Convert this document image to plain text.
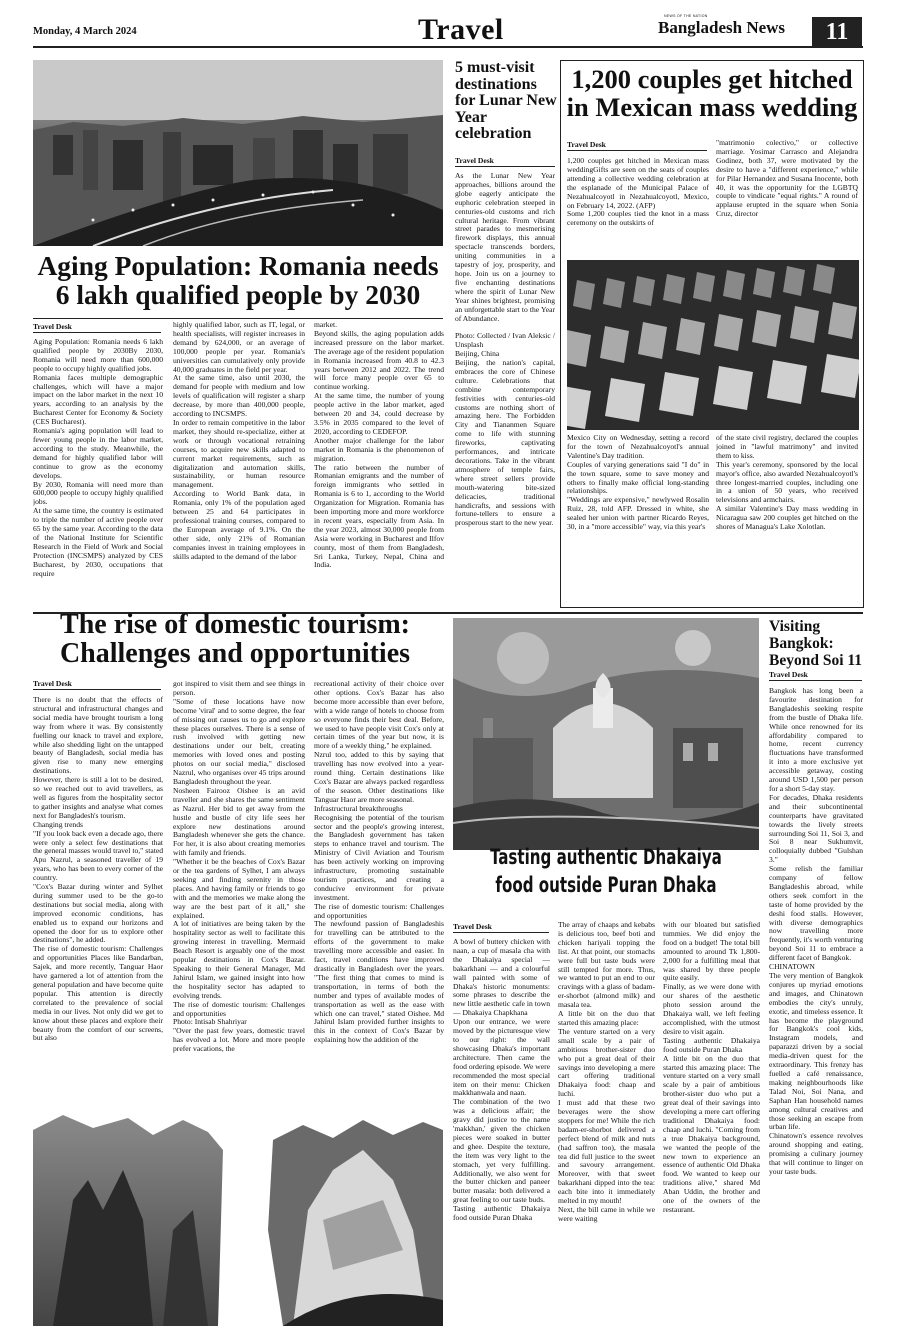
Monday, 4 March 2024	Travel	NEWS OF THE NATION
Bangladesh News	11
Aging Population: Romania needs 6 lakh qualified people by 2030
Travel Desk
Aging Population: Romania needs 6 lakh qualified people by 2030By 2030, Romania will need more than 600,000 people to occupy highly qualified jobs.
Romania faces multiple demographic challenges, which will have a major impact on the labor market in the next 10 years, according to an analysis by the Bucharest Center for Economy & Society (CES Bucharest).
Romania's aging population will lead to fewer young people in the labor market, according to the study. Meanwhile, the demand for highly qualified labor will continue to grow as the economy develops.
By 2030, Romania will need more than 600,000 people to occupy highly qualified jobs.
At the same time, the country is estimated to triple the number of active people over 65 by the same year. According to the data of the National Institute for Scientific Research in the Field of Work and Social Protection (INCSMPS) analyzed by CES Bucharest, by 2030, occupations that require
highly qualified labor, such as IT, legal, or health specialists, will register increases in demand by 624,000, or an average of 100,000 people per year. Romania's universities can cumulatively only provide 40,000 graduates in the field per year.
At the same time, also until 2030, the demand for people with medium and low levels of qualification will register a sharp decrease, by more than 400,000 people, according to INCSMPS.
In order to remain competitive in the labor market, they should re-specialize, either at work or through vocational retraining courses, to acquire new skills adapted to current market requirements, such as digitalization and automation skills, sustainability, or human resource management.
According to World Bank data, in Romania, only 1% of the population aged between 25 and 64 participates in professional training courses, compared to the European average of 9.1%. On the other side, only 21% of Romanian companies invest in training employees in skills adapted to the demand of the labor
market.
Beyond skills, the aging population adds increased pressure on the labor market. The average age of the resident population in Romania increased from 40.8 to 42.3 years between 2012 and 2022. The trend will force many people over 65 to continue working.
At the same time, the number of young people active in the labor market, aged between 20 and 34, could decrease by 3.5% in 2035 compared to the level of 2020, according to CEDEFOP.
Another major challenge for the labor market in Romania is the phenomenon of migration.
The ratio between the number of Romanian emigrants and the number of foreign immigrants who settled in Romania is 6 to 1, according to the World Organization for Migration. Romania has been importing more and more workforce in recent years, especially from Asia. In the year 2023, almost 30,000 people from Asia were working in Bucharest and Ilfov county, most of them from Bangladesh, Sri Lanka, Turkey, Nepal, China and India.
5 must-visit destinations for Lunar New Year celebration
Travel Desk
As the Lunar New Year approaches, billions around the globe eagerly anticipate the euphoric celebration steeped in centuries-old customs and rich cultural heritage. From vibrant street parades to mesmerising firework displays, this annual spectacle transcends borders, uniting communities in a tapestry of joy, prosperity, and hope. Join us on a journey to five enchanting destinations where the spirit of Lunar New Year shines brightest, promising an unforgettable start to the Year of Abundance.

Photo: Collected / Ivan Aleksic / Unsplash
Beijing, China
Beijing, the nation's capital, embraces the core of Chinese culture. Celebrations that combine contemporary festivities with centuries-old customs are nothing short of amazing here. The Forbidden City and Tiananmen Square come to life with stunning fireworks, captivating performances, and intricate decorations. Take in the vibrant atmosphere of temple fairs, where street sellers provide mouth-watering bite-sized delicacies, traditional handicrafts, and sessions with fortune-tellers to ensure a prosperous start to the new year.
1,200 couples get hitched in Mexican mass wedding
Travel Desk
1,200 couples get hitched in Mexican mass weddingGifts are seen on the seats of couples attending a collective wedding celebration at the esplanade of the Municipal Palace of Nezahualcoyotl in Nezahualcoyotl, Mexico, on February 14, 2022. (AFP)
Some 1,200 couples tied the knot in a mass ceremony on the outskirts of
"matrimonio colectivo," or collective marriage. Yosimar Carrasco and Alejandra Godinez, both 37, were motivated by the desire to have a "different experience," while for Pilar Hernandez and Susana Inocente, both 40, it was the opportunity for the LGBTQ couple to vindicate "equal rights." A round of applause erupted in the square when Sonia Cruz, director
Mexico City on Wednesday, setting a record for the town of Nezahualcoyotl's annual Valentine's Day tradition.
Couples of varying generations said "I do" in the town square, some to save money and others to finally make official long-standing relationships.
"Weddings are expensive," newlywed Rosalin Ruiz, 28, told AFP. Dressed in white, she sealed her union with partner Ricardo Reyes, 30, in a "more accessible" way, via this year's
of the state civil registry, declared the couples joined in "lawful matrimony" and invited them to kiss.
This year's ceremony, sponsored by the local mayor's office, also awarded Nezahualcoyotl's three longest-married couples, including one in a union of 50 years, who received televisions and armchairs.
A similar Valentine's Day mass wedding in Nicaragua saw 200 couples get hitched on the shores of Managua's Lake Xolotlan.
The rise of domestic tourism: Challenges and opportunities
Travel Desk
There is no doubt that the effects of structural and infrastructural changes and social media have brought tourism a long way from where it was. By consistently fuelling our knack to travel and explore, while also shedding light on the untapped beauty of Bangladesh, social media has given rise to many new emerging destinations.
However, there is still a lot to be desired, so we reached out to avid travellers, as well as figures from the hospitality sector to gather insights and analyse what comes next for Bangladesh's tourism.
Changing trends
"If you look back even a decade ago, there were only a select few destinations that the general masses would travel to," stated Apu Nazrul, a seasoned traveller of 19 years, who has been to every corner of the country.
"Cox's Bazar during winter and Sylhet during summer used to be the go-to destinations but social media, along with improved economic conditions, has enabled us to expand our horizons and opened the door for us to explore other destinations", he added.
The rise of domestic tourism: Challenges and opportunities Places like Bandarban, Sajek, and more recently, Tanguar Haor have garnered a lot of attention from the general population and have become quite popular. This attention is directly correlated to the prevalence of social media in our lives. Not only did we get to know about these places and explore their beauty from the comfort of our screens, but also
got inspired to visit them and see things in person.
"Some of these locations have now become 'viral' and to some degree, the fear of missing out causes us to go and explore these places ourselves. There is a sense of rush involved with getting new destinations under our belt, creating memories with loved ones and posting photos on our social media," disclosed Nazrul, who organises over 45 trips around Bangladesh throughout the year.
Nosheen Fairooz Oishee is an avid traveller and she shares the same sentiment as Nazrul. Her bid to get away from the hustle and bustle of city life sees her explore new destinations around Bangladesh whenever she gets the chance. For her, it is also about creating memories with family and friends.
"Whether it be the beaches of Cox's Bazar or the tea gardens of Sylhet, I am always seeking and finding serenity in those places. And having family or friends to go with and the memories we make along the way are the best part of it all," she explained.
A lot of initiatives are being taken by the hospitality sector as well to facilitate this growing interest in travelling. Mermaid Beach Resort is arguably one of the most popular destinations in Cox's Bazar. Speaking to their General Manager, Md Jahirul Islam, we gained insight into how the hospitality sector has adapted to evolving trends.
The rise of domestic tourism: Challenges and opportunities
Photo: Intisab Shahriyar
"Over the past few years, domestic travel has evolved a lot. More and more people prefer vacations, the
recreational activity of their choice over other options. Cox's Bazar has also become more accessible than ever before, with a wide range of hotels to choose from so everyone finds their best deal. Before, we used to have people visit Cox's only at certain times of the year but now, it is more of a weekly thing," he explained.
Nzrul too, added to this by saying that travelling has now evolved into a year-round thing. Certain destinations like Cox's Bazar are always packed regardless of the season. Other destinations like Tanguar Haor are more seasonal.
Infrastructural breakthroughs
Recognising the potential of the tourism sector and the people's growing interest, the Bangladesh government has taken steps to enhance travel and tourism. The Ministry of Civil Aviation and Tourism has been actively working on improving infrastructure, promoting sustainable tourism practices, and creating a conducive environment for private investment.
The rise of domestic tourism: Challenges and opportunities
The newfound passion of Bangladeshis for travelling can be attributed to the efforts of the government to make travelling more accessible and easier. In fact, travel conditions have improved drastically in Bangladesh over the years. "The first thing that comes to mind is transportation, in terms of both the number and types of available modes of transportation as well as the ease with which one can travel," stated Oishee. Md Jahirul Islam provided further insights to this in the context of Cox's Bazar by explaining how the addition of the
Tasting authentic Dhakaiya food outside Puran Dhaka
Travel Desk
A bowl of buttery chicken with naan, a cup of masala cha with the Dhakaiya special — bakarkhani — and a colourful wall painted with some of Dhaka's historic monuments: some phrases to describe the new little aesthetic cafe in town — Dhakaiya Chapkhana
Upon our entrance, we were moved by the picturesque view to our right: the wall showcasing Dhaka's important architecture. Then came the food ordering episode. We were recommended the most special item on their menu: Chicken makkhanwala and naan.
The combination of the two was a delicious affair; the gravy did justice to the name 'makkhan,' given the chicken pieces were soaked in butter and ghee. Despite the texture, the item was very light to the stomach, yet very fulfilling. Additionally, we also went for the butter chicken and paneer butter masala: both delivered a great feeling to our taste buds.
Tasting authentic Dhakaiya food outside Puran Dhaka
The array of chaaps and kebabs is delicious too, beef boti and chicken hariyali topping the list. At that point, our stomachs were full but taste buds were still tempted for more. Thus, we wanted to put an end to our cravings with a glass of badam-er-shorbot (almond milk) and masala tea.
A little bit on the duo that started this amazing place:
The venture started on a very small scale by a pair of ambitious brother-sister duo who put a great deal of their savings into developing a mere cart offering traditional Dhakaiya food: chaap and luchi.
I must add that these two beverages were the show stoppers for me! While the rich badam-er-shorbot delivered a perfect blend of milk and nuts (had saffron too), the masala tea did full justice to the sweet and savoury arrangement. Moreover, with that sweet bakarkhani dipped into the tea: each bite into it immediately melted in my mouth!
Next, the bill came in while we were waiting
with our bloated but satisfied tummies. We did enjoy the food on a budget! The total bill amounted to around Tk 1,800-2,000 for a fulfilling meal that was shared by three people quite easily.
Finally, as we were done with our shares of the aesthetic photo session around the Dhakaiya wall, we left feeling accomplished, with the utmost desire to visit again.
Tasting authentic Dhakaiya food outside Puran Dhaka
A little bit on the duo that started this amazing place: The venture started on a very small scale by a pair of ambitious brother-sister duo who put a great deal of their savings into developing a mere cart offering traditional Dhakaiya food: chaap and luchi. "Coming from a true Dhakaiya background, we wanted the people of the new town to experience an essence of authentic Old Dhaka food. We wanted to keep our traditions alive," shared Md Aban Uddin, the brother and one of the owners of the restaurant.
Visiting Bangkok: Beyond Soi 11
Travel Desk
Bangkok has long been a favourite destination for Bangladeshis seeking respite from the bustle of Dhaka life. While once renowned for its affordability compared to home, recent currency fluctuations have transformed it into a more exclusive yet accessible getaway, costing around USD 1,500 per person for a short 5-day stay.
For decades, Dhaka residents and their subcontinental counterparts have gravitated towards the lively streets surrounding Soi 11, Soi 3, and Soi 8 near Sukhumvit, colloquially dubbed "Gulshan 3."
Some relish the familiar company of fellow Bangladeshis abroad, while others seek comfort in the taste of home provided by the deshi food stalls. However, with diverse demographics now travelling more frequently, it's worth venturing beyond Soi 11 to embrace a different facet of Bangkok.
CHINATOWN
The very mention of Bangkok conjures up myriad emotions and images, and Chinatown embodies the city's unruly, exotic, and timeless essence. It has become the playground for Bangkok's cool kids, Instagram models, and paparazzi driven by a social media-driven quest for the extraordinary. This frenzy has fuelled a café renaissance, making neighbourhoods like Talad Noi, Soi Nana, and Saphan Han household names among cultural creatives and those seeking an escape from urban life.
Chinatown's essence revolves around shopping and eating, promising a culinary journey that will continue to linger on your taste buds.
